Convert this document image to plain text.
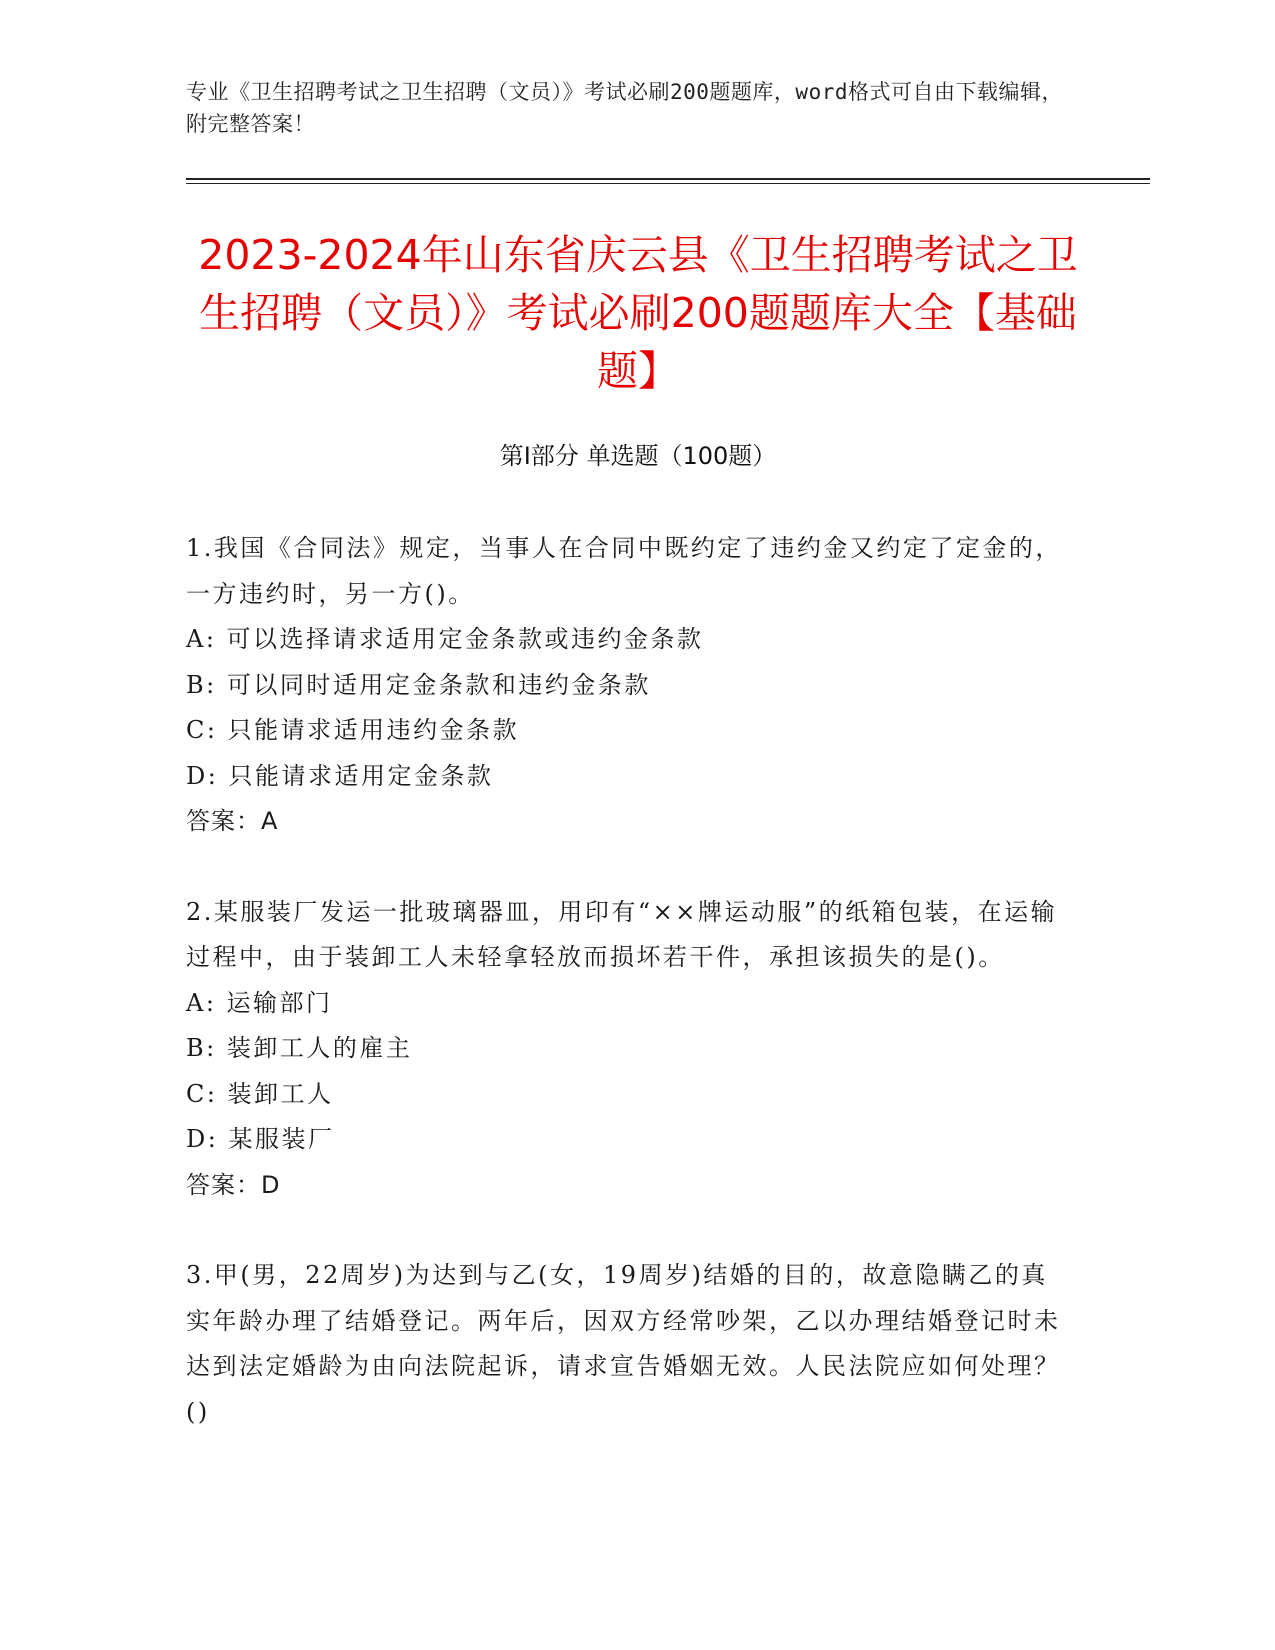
专业《卫生招聘考试之卫生招聘（文员）》考试必刷200题题库，word格式可自由下载编辑，附完整答案！
2023-2024年山东省庆云县《卫生招聘考试之卫生招聘（文员）》考试必刷200题题库大全【基础题】
第Ⅰ部分 单选题（100题）

1.我国《合同法》规定，当事人在合同中既约定了违约金又约定了定金的，一方违约时，另一方()。

A: 可以选择请求适用定金条款或违约金条款

B: 可以同时适用定金条款和违约金条款

C: 只能请求适用违约金条款

D: 只能请求适用定金条款

答案：A

2.某服装厂发运一批玻璃器皿，用印有“××牌运动服”的纸箱包装，在运输过程中，由于装卸工人未轻拿轻放而损坏若干件，承担该损失的是()。

A: 运输部门

B: 装卸工人的雇主

C: 装卸工人

D: 某服装厂

答案：D

3.甲(男，22周岁)为达到与乙(女，19周岁)结婚的目的，故意隐瞒乙的真实年龄办理了结婚登记。两年后，因双方经常吵架，乙以办理结婚登记时未达到法定婚龄为由向法院起诉，请求宣告婚姻无效。人民法院应如何处理？()
